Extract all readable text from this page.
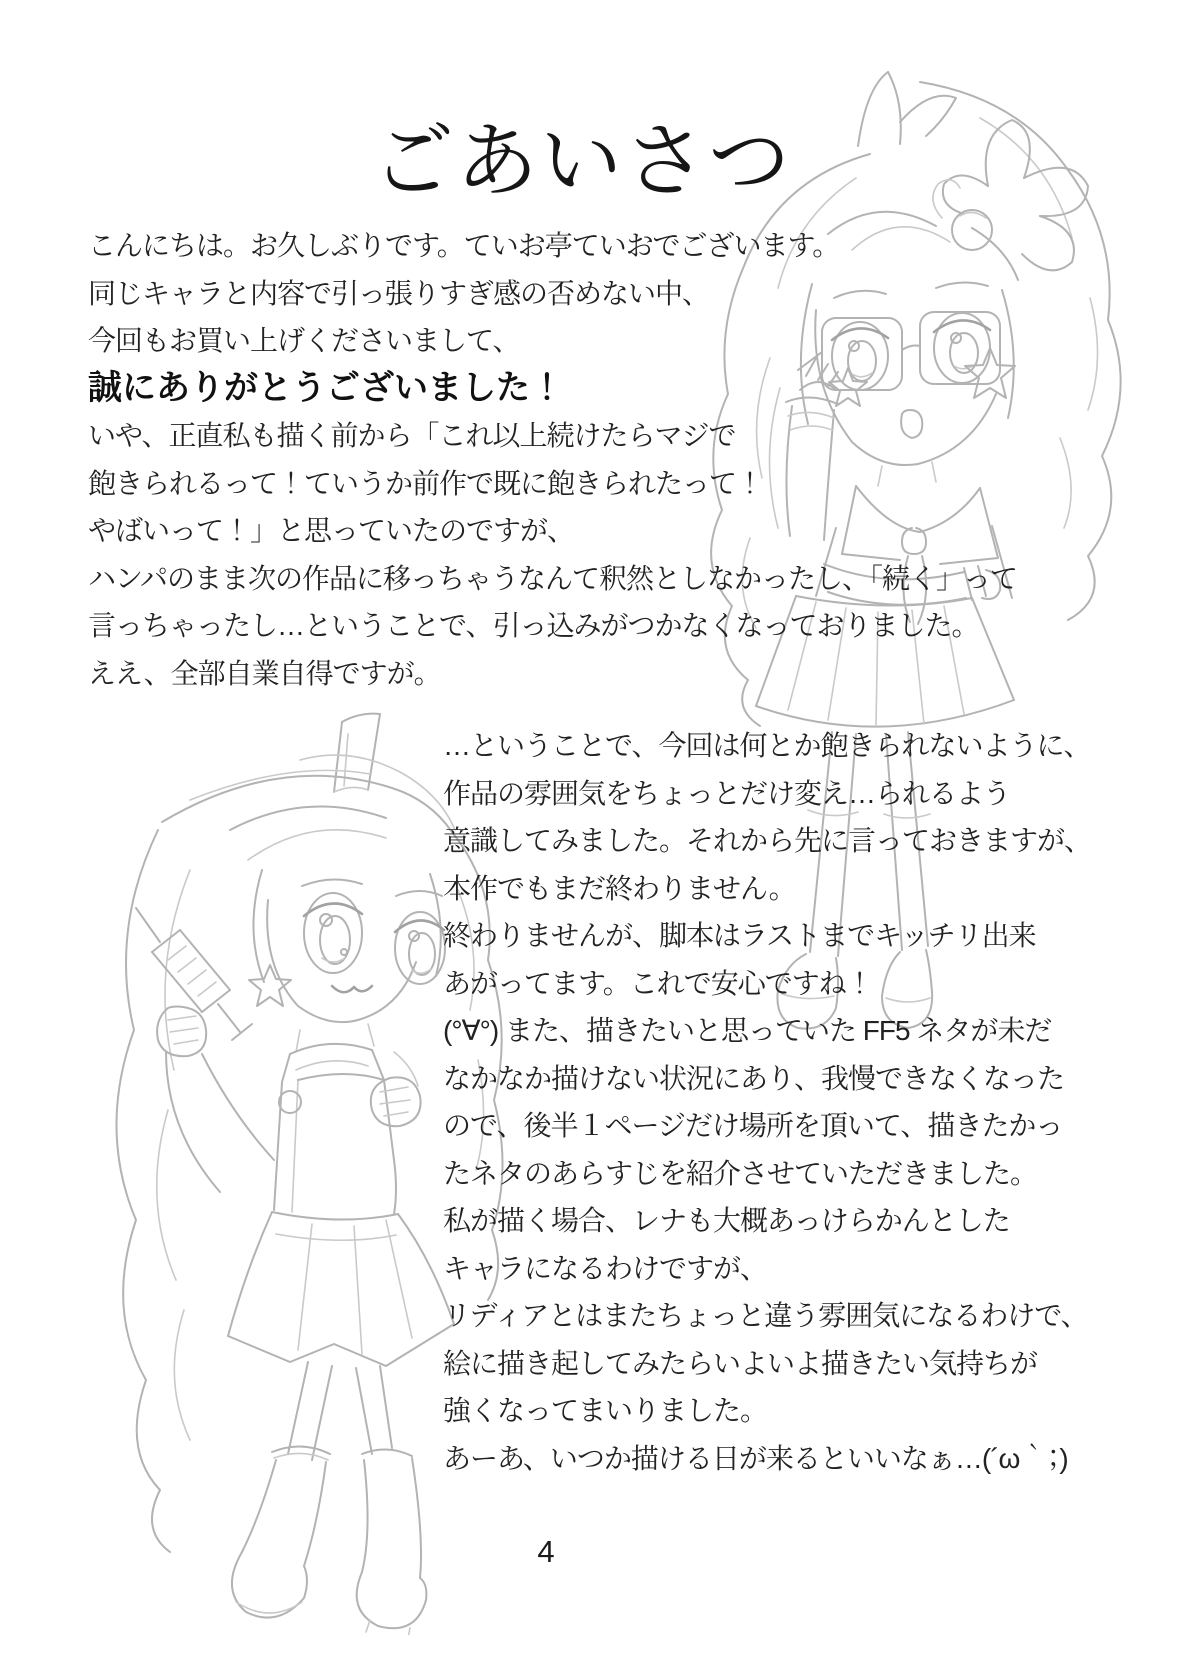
ごあいさつ
こんにちは。お久しぶりです。ていお亭ていおでございます。
同じキャラと内容で引っ張りすぎ感の否めない中、
今回もお買い上げくださいまして、
誠にありがとうございました！
いや、正直私も描く前から「これ以上続けたらマジで
飽きられるって！ていうか前作で既に飽きられたって！
やばいって！」と思っていたのですが、
ハンパのまま次の作品に移っちゃうなんて釈然としなかったし、「続く」って
言っちゃったし…ということで、引っ込みがつかなくなっておりました。
ええ、全部自業自得ですが。
…ということで、今回は何とか飽きられないように、
作品の雰囲気をちょっとだけ変え…られるよう
意識してみました。それから先に言っておきますが、
本作でもまだ終わりません。
終わりませんが、脚本はラストまでキッチリ出来
あがってます。これで安心ですね！
(°∀°) また、描きたいと思っていた FF5 ネタが未だ
なかなか描けない状況にあり、我慢できなくなった
ので、後半１ページだけ場所を頂いて、描きたかっ
たネタのあらすじを紹介させていただきました。
私が描く場合、レナも大概あっけらかんとした
キャラになるわけですが、
リディアとはまたちょっと違う雰囲気になるわけで、
絵に描き起してみたらいよいよ描きたい気持ちが
強くなってまいりました。
あーあ、いつか描ける日が来るといいなぁ…(´ω｀；)
4
